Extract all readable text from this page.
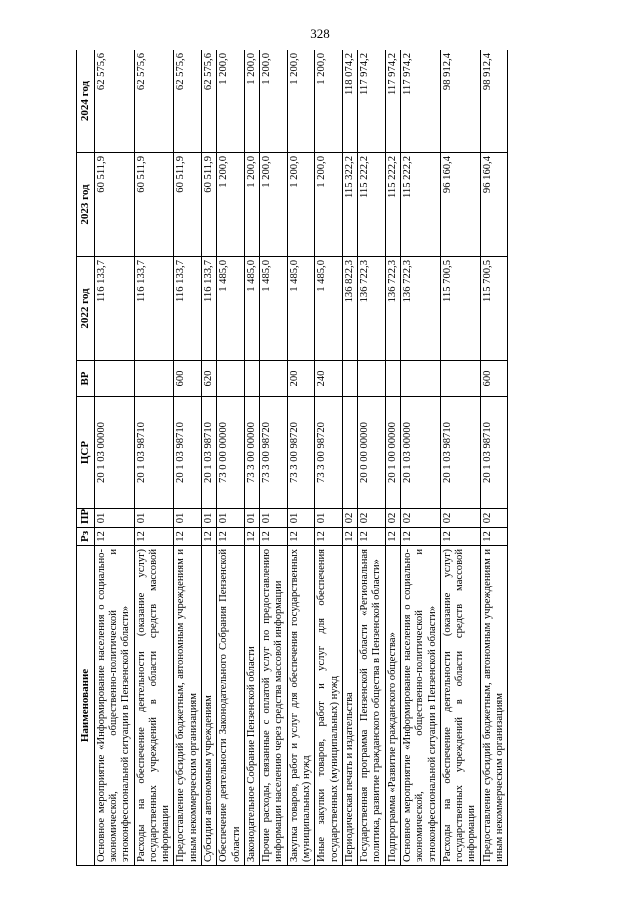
328
Наименование	Рз	ПР	ЦСР	ВР	2022 год	2023 год	2024 год
Основное мероприятие «Информирование населения о социально-экономической, общественно-политической и этноконфессиональной ситуации в Пензенской области»	12	01	20 1 03 00000		116 133,7	60 511,9	62 575,6
Расходы на обеспечение деятельности (оказание услуг) государственных учреждений в области средств массовой информации	12	01	20 1 03 98710		116 133,7	60 511,9	62 575,6
Предоставление субсидий бюджетным, автономным учреждениям и иным некоммерческим организациям	12	01	20 1 03 98710	600	116 133,7	60 511,9	62 575,6
Субсидии автономным учреждениям	12	01	20 1 03 98710	620	116 133,7	60 511,9	62 575,6
Обеспечение деятельности Законодательного Собрания Пензенской области	12	01	73 0 00 00000		1 485,0	1 200,0	1 200,0
Законодательное Собрание Пензенской области	12	01	73 3 00 00000		1 485,0	1 200,0	1 200,0
Прочие расходы, связанные с оплатой услуг по предоставлению информации населению через средства массовой информации	12	01	73 3 00 98720		1 485,0	1 200,0	1 200,0
Закупка товаров, работ и услуг для обеспечения государственных (муниципальных) нужд	12	01	73 3 00 98720	200	1 485,0	1 200,0	1 200,0
Иные закупки товаров, работ и услуг для обеспечения государственных (муниципальных) нужд	12	01	73 3 00 98720	240	1 485,0	1 200,0	1 200,0
Периодическая печать и издательства	12	02			136 822,3	115 322,2	118 074,2
Государственная программа Пензенской области «Региональная политика, развитие гражданского общества в Пензенской области»	12	02	20 0 00 00000		136 722,3	115 222,2	117 974,2
Подпрограмма «Развитие гражданского общества»	12	02	20 1 00 00000		136 722,3	115 222,2	117 974,2
Основное мероприятие «Информирование населения о социально-экономической, общественно-политической и этноконфессиональной ситуации в Пензенской области»	12	02	20 1 03 00000		136 722,3	115 222,2	117 974,2
Расходы на обеспечение деятельности (оказание услуг) государственных учреждений в области средств массовой информации	12	02	20 1 03 98710		115 700,5	96 160,4	98 912,4
Предоставление субсидий бюджетным, автономным учреждениям и иным некоммерческим организациям	12	02	20 1 03 98710	600	115 700,5	96 160,4	98 912,4
